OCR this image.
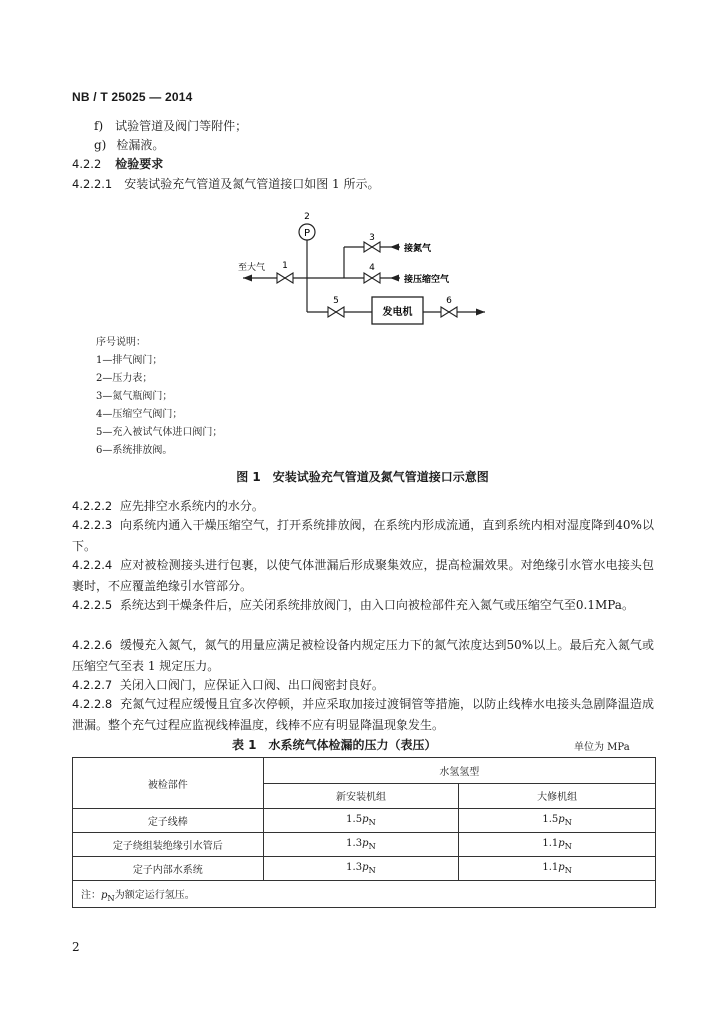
NB / T 25025 — 2014
f) 试验管道及阀门等附件；
g) 检漏液。
4.2.2 检验要求
4.2.2.1 安装试验充气管道及氮气管道接口如图 1 所示。
P
发电机
至大气
接氮气
接压缩空气
1
2
3
4
5	6
序号说明：
1—排气阀门；
2—压力表；
3—氮气瓶阀门；
4—压缩空气阀门；
5—充入被试气体进口阀门；
6—系统排放阀。
图 1　安装试验充气管道及氮气管道接口示意图
4.2.2.2 应先排空水系统内的水分。
4.2.2.3 向系统内通入干燥压缩空气，打开系统排放阀，在系统内形成流通，直到系统内相对湿度降到40%以下。
4.2.2.4 应对被检测接头进行包裹，以使气体泄漏后形成聚集效应，提高检漏效果。对绝缘引水管水电接头包裹时，不应覆盖绝缘引水管部分。
4.2.2.5 系统达到干燥条件后，应关闭系统排放阀门，由入口向被检部件充入氮气或压缩空气至0.1MPa。
4.2.2.6 缓慢充入氮气，氮气的用量应满足被检设备内规定压力下的氮气浓度达到50%以上。最后充入氮气或压缩空气至表 1 规定压力。
4.2.2.7 关闭入口阀门，应保证入口阀、出口阀密封良好。
4.2.2.8 充氮气过程应缓慢且宜多次停顿，并应采取加接过渡铜管等措施，以防止线棒水电接头急剧降温造成泄漏。整个充气过程应监视线棒温度，线棒不应有明显降温现象发生。
表 1　水系统气体检漏的压力（表压）	单位为 MPa
被检部件	水氢氢型	
	新安装机组	大修机组
定子线棒	$1.5p_N$	$1.5p_N$
定子绕组装绝缘引水管后	$1.3p_N$	$1.1p_N$
定子内部水系统	$1.3p_N$	$1.1p_N$
注：$p_N$为额定运行氢压。		
2
